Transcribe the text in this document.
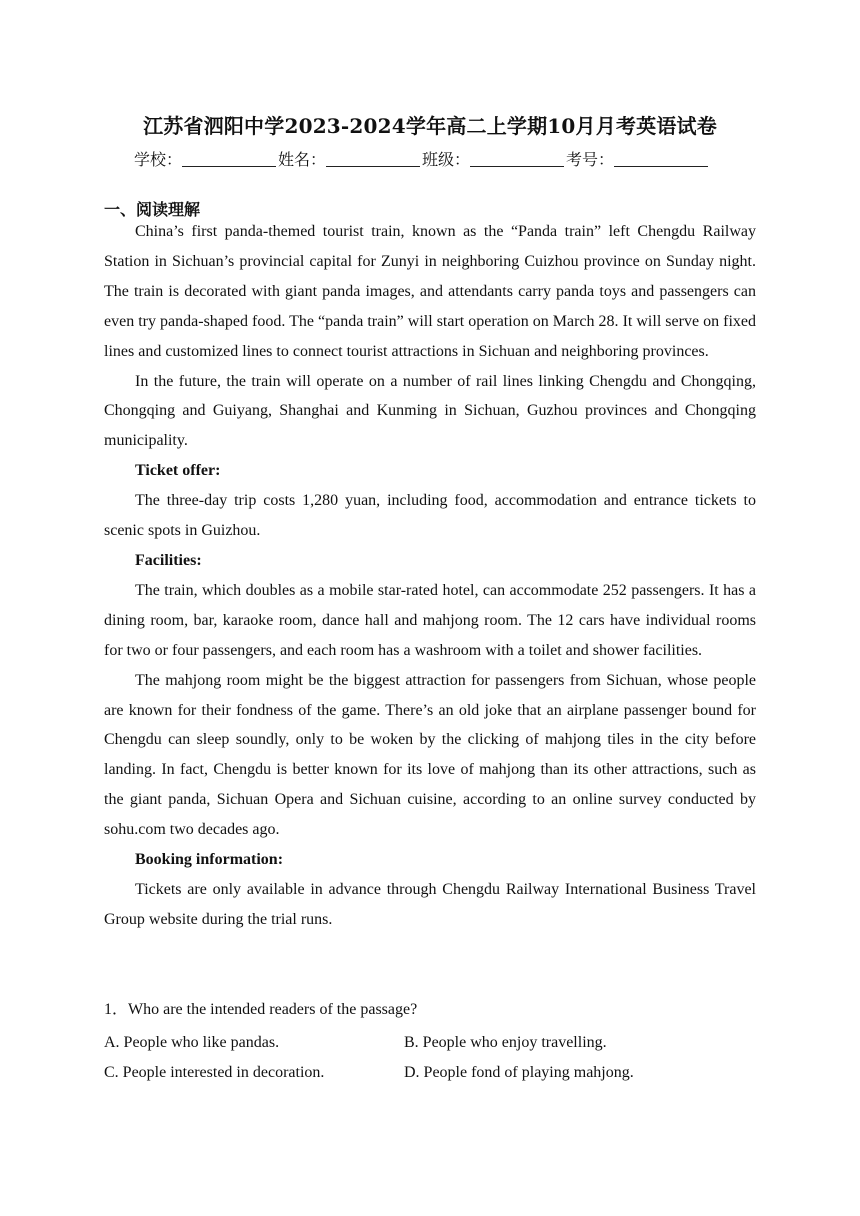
江苏省泗阳中学2023-2024学年高二上学期10月月考英语试卷
学校：	姓名：	班级：	考号：
一、阅读理解

China’s first panda-themed tourist train, known as the “Panda train” left Chengdu Railway Station in Sichuan’s provincial capital for Zunyi in neighboring Cuizhou province on Sunday night. The train is decorated with giant panda images, and attendants carry panda toys and passengers can even try panda-shaped food. The “panda train” will start operation on March 28. It will serve on fixed lines and customized lines to connect tourist attractions in Sichuan and neighboring provinces.

In the future, the train will operate on a number of rail lines linking Chengdu and Chongqing, Chongqing and Guiyang, Shanghai and Kunming in Sichuan, Guzhou provinces and Chongqing municipality.

Ticket offer:

The three-day trip costs 1,280 yuan, including food, accommodation and entrance tickets to scenic spots in Guizhou.

Facilities:

The train, which doubles as a mobile star-rated hotel, can accommodate 252 passengers. It has a dining room, bar, karaoke room, dance hall and mahjong room. The 12 cars have individual rooms for two or four passengers, and each room has a washroom with a toilet and shower facilities.

The mahjong room might be the biggest attraction for passengers from Sichuan, whose people are known for their fondness of the game. There’s an old joke that an airplane passenger bound for Chengdu can sleep soundly, only to be woken by the clicking of mahjong tiles in the city before landing. In fact, Chengdu is better known for its love of mahjong than its other attractions, such as the giant panda, Sichuan Opera and Sichuan cuisine, according to an online survey conducted by sohu.com two decades ago.

Booking information:

Tickets are only available in advance through Chengdu Railway International Business Travel Group website during the trial runs.

1．Who are the intended readers of the passage?
A. People who like pandas.	B. People who enjoy travelling.
C. People interested in decoration.	D. People fond of playing mahjong.
